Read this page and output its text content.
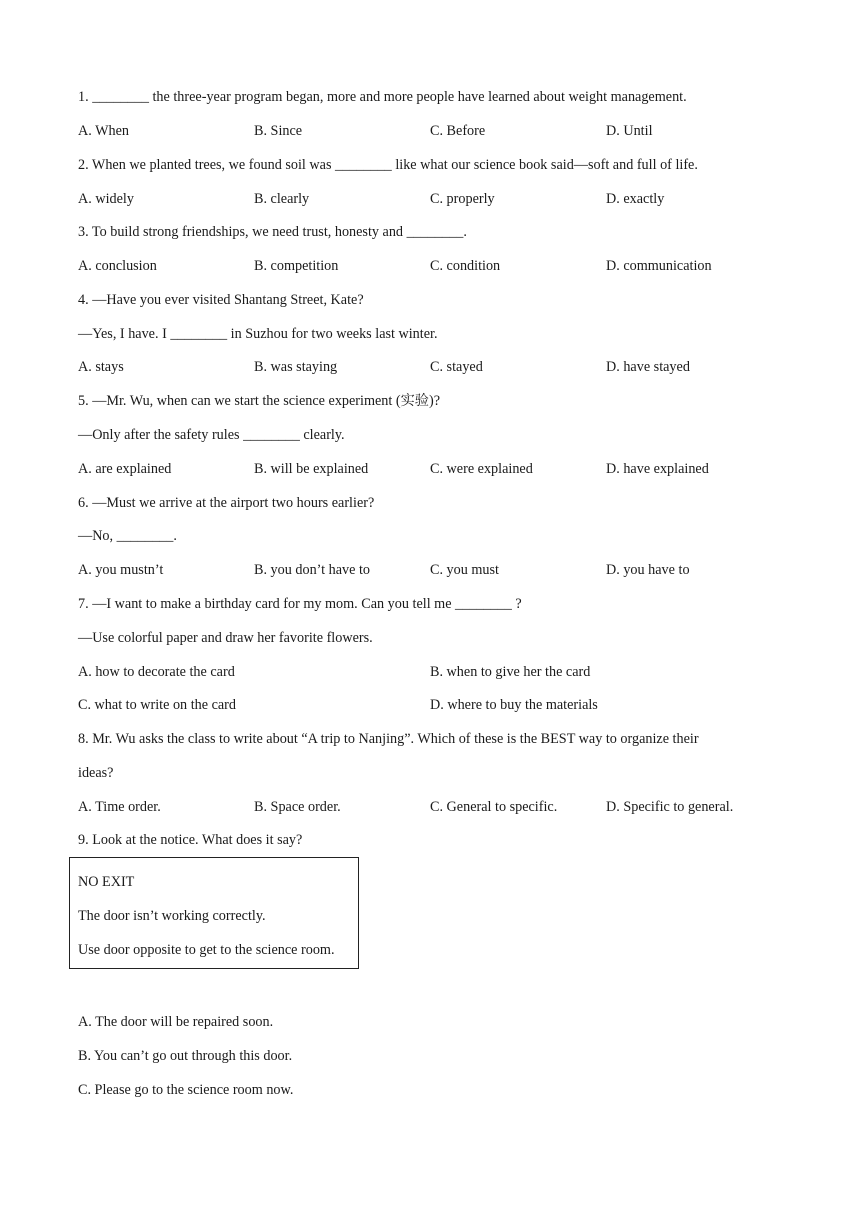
1. ________ the three-year program began, more and more people have learned about weight management.
A. When	B. Since	C. Before	D. Until
2. When we planted trees, we found soil was ________ like what our science book said—soft and full of life.
A. widely	B. clearly	C. properly	D. exactly
3. To build strong friendships, we need trust, honesty and ________.
A. conclusion	B. competition	C. condition	D. communication
4. —Have you ever visited Shantang Street, Kate?
—Yes, I have. I ________ in Suzhou for two weeks last winter.
A. stays	B. was staying	C. stayed	D. have stayed
5. —Mr. Wu, when can we start the science experiment (实验)?
—Only after the safety rules ________ clearly.
A. are explained	B. will be explained	C. were explained	D. have explained
6. —Must we arrive at the airport two hours earlier?
—No, ________.
A. you mustn’t	B. you don’t have to	C. you must	D. you have to
7. —I want to make a birthday card for my mom. Can you tell me ________ ?
—Use colorful paper and draw her favorite flowers.
A. how to decorate the card	B. when to give her the card
C. what to write on the card	D. where to buy the materials
8. Mr. Wu asks the class to write about “A trip to Nanjing”. Which of these is the BEST way to organize their
ideas?
A. Time order.	B. Space order.	C. General to specific.	D. Specific to general.
9. Look at the notice. What does it say?
NO EXIT
The door isn’t working correctly.
Use door opposite to get to the science room.
A. The door will be repaired soon.
B. You can’t go out through this door.
C. Please go to the science room now.
